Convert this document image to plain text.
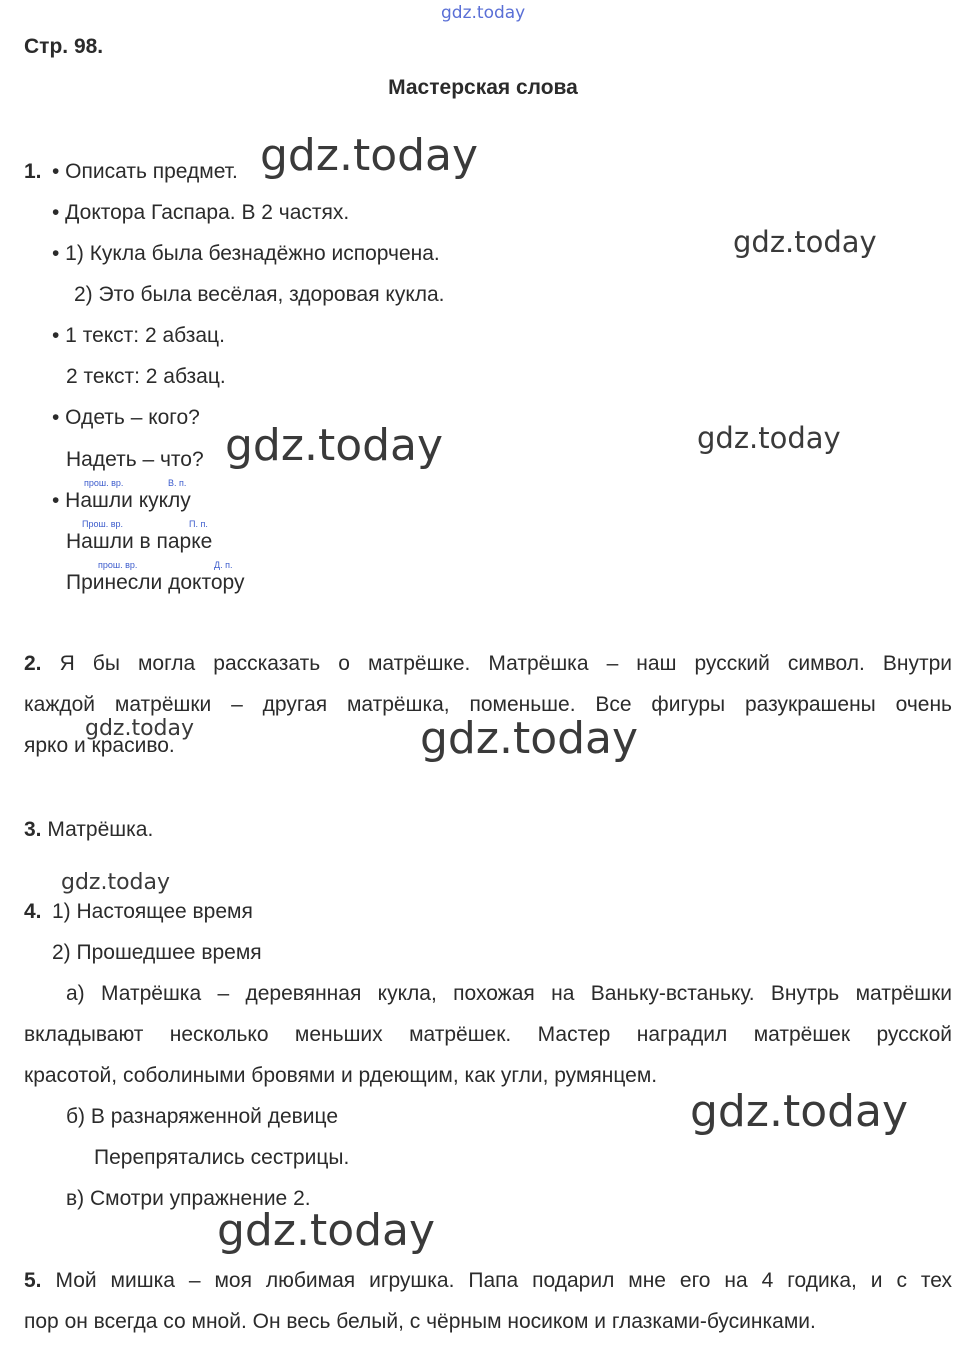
gdz.today
gdz.today
gdz.today
gdz.today	gdz.today
gdz.today	gdz.today
gdz.today
gdz.today
gdz.today
Стр. 98.
Мастерская слова
1. • Описать предмет.
• Доктора Гаспара. В 2 частях.
• 1) Кукла была безнадёжно испорчена.
2) Это была весёлая, здоровая кукла.
• 1 текст: 2 абзац.
2 текст: 2 абзац.
• Одеть – кого?
Надеть – что?
прош. вр.	В. п.
• Нашли куклу
Прош. вр.	П. п.
Нашли в парке
прош. вр.	Д. п.
Принесли доктору
2. Я бы могла рассказать о матрёшке. Матрёшка – наш русский символ. Внутри
каждой матрёшки – другая матрёшка, поменьше. Все фигуры разукрашены очень
ярко и красиво.
3. Матрёшка.
4. 1) Настоящее время
2) Прошедшее время
а) Матрёшка – деревянная кукла, похожая на Ваньку-встаньку. Внутрь матрёшки
вкладывают несколько меньших матрёшек. Мастер наградил матрёшек русской
красотой, соболиными бровями и рдеющим, как угли, румянцем.
б) В разнаряженной девице
Перепрятались сестрицы.
в) Смотри упражнение 2.
5. Мой мишка – моя любимая игрушка. Папа подарил мне его на 4 годика, и с тех
пор он всегда со мной. Он весь белый, с чёрным носиком и глазками-бусинками.
